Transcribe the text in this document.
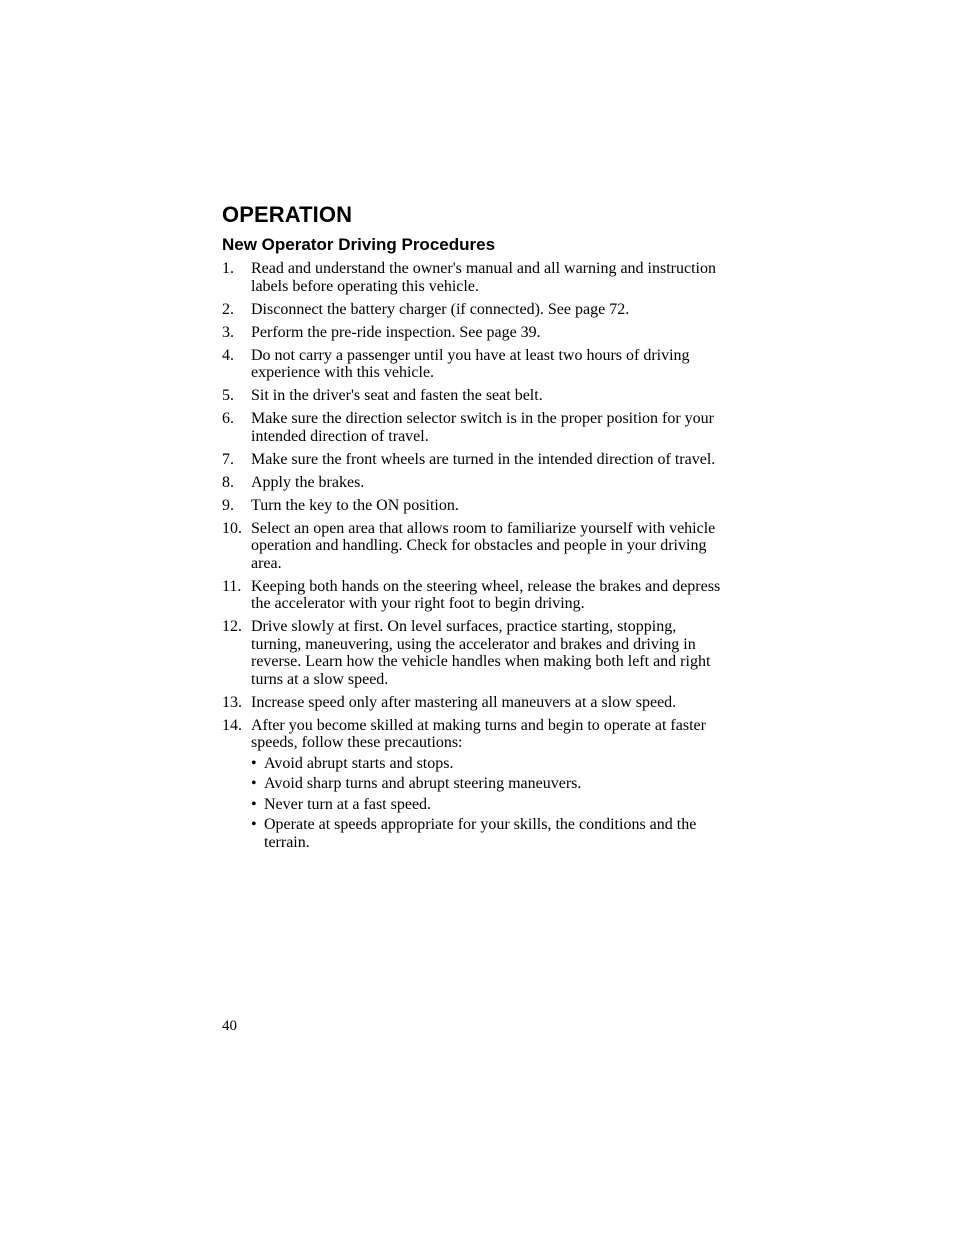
OPERATION
New Operator Driving Procedures
1. Read and understand the owner's manual and all warning and instruction labels before operating this vehicle.
2. Disconnect the battery charger (if connected). See page 72.
3. Perform the pre-ride inspection. See page 39.
4. Do not carry a passenger until you have at least two hours of driving experience with this vehicle.
5. Sit in the driver's seat and fasten the seat belt.
6. Make sure the direction selector switch is in the proper position for your intended direction of travel.
7. Make sure the front wheels are turned in the intended direction of travel.
8. Apply the brakes.
9. Turn the key to the ON position.
10. Select an open area that allows room to familiarize yourself with vehicle operation and handling. Check for obstacles and people in your driving area.
11. Keeping both hands on the steering wheel, release the brakes and depress the accelerator with your right foot to begin driving.
12. Drive slowly at first. On level surfaces, practice starting, stopping, turning, maneuvering, using the accelerator and brakes and driving in reverse. Learn how the vehicle handles when making both left and right turns at a slow speed.
13. Increase speed only after mastering all maneuvers at a slow speed.
14. After you become skilled at making turns and begin to operate at faster speeds, follow these precautions:
• Avoid abrupt starts and stops.
• Avoid sharp turns and abrupt steering maneuvers.
• Never turn at a fast speed.
• Operate at speeds appropriate for your skills, the conditions and the terrain.
40
